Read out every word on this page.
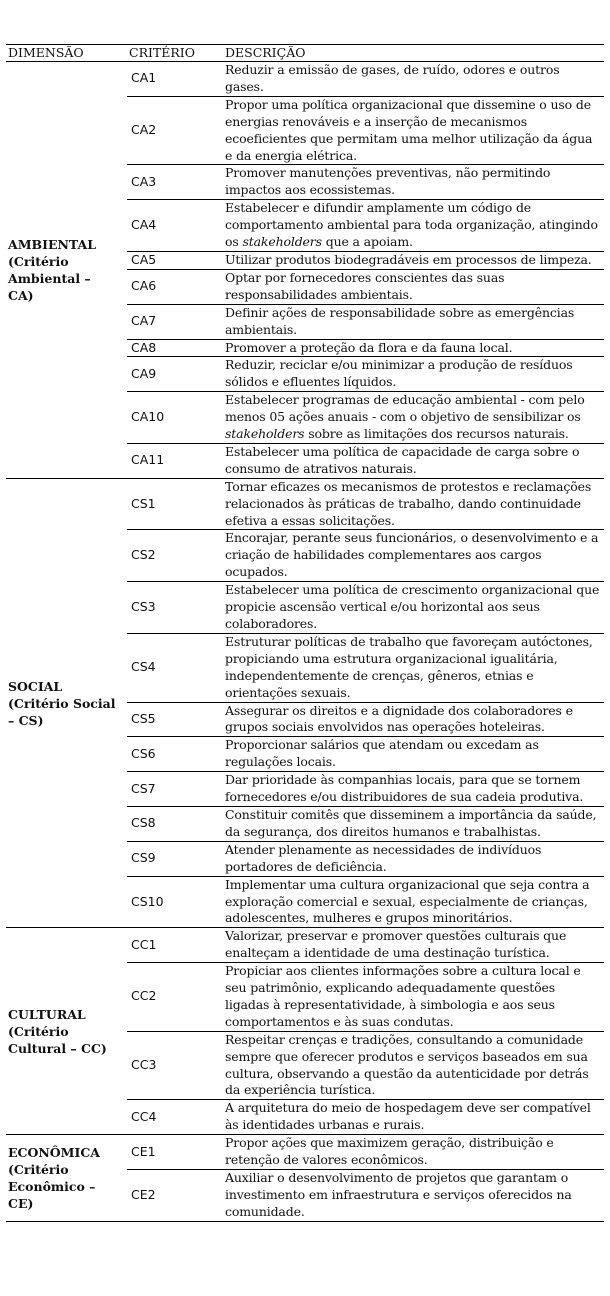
DIMENSÃO	CRITÉRIO	DESCRIÇÃO

AMBIENTAL
(Critério
Ambiental –
CA)	CA1	Reduzir a emissão de gases, de ruído, odores e outros gases.
	CA2	Propor uma política organizacional que dissemine o uso de energias renováveis e a inserção de mecanismos ecoeficientes que permitam uma melhor utilização da água e da energia elétrica.
	CA3	Promover manutenções preventivas, não permitindo impactos aos ecossistemas.
	CA4	Estabelecer e difundir amplamente um código de comportamento ambiental para toda organização, atingindo os stakeholders que a apoiam.
	CA5	Utilizar produtos biodegradáveis em processos de limpeza.
	CA6	Optar por fornecedores conscientes das suas responsabilidades ambientais.
	CA7	Definir ações de responsabilidade sobre as emergências ambientais.
	CA8	Promover a proteção da flora e da fauna local.
	CA9	Reduzir, reciclar e/ou minimizar a produção de resíduos sólidos e efluentes líquidos.
	CA10	Estabelecer programas de educação ambiental - com pelo menos 05 ações anuais - com o objetivo de sensibilizar os stakeholders sobre as limitações dos recursos naturais.
	CA11	Estabelecer uma política de capacidade de carga sobre o consumo de atrativos naturais.

SOCIAL
(Critério Social
– CS)	CS1	Tornar eficazes os mecanismos de protestos e reclamações relacionados às práticas de trabalho, dando continuidade efetiva a essas solicitações.
	CS2	Encorajar, perante seus funcionários, o desenvolvimento e a criação de habilidades complementares aos cargos ocupados.
	CS3	Estabelecer uma política de crescimento organizacional que propicie ascensão vertical e/ou horizontal aos seus colaboradores.
	CS4	Estruturar políticas de trabalho que favoreçam autóctones, propiciando uma estrutura organizacional igualitária, independentemente de crenças, gêneros, etnias e orientações sexuais.
	CS5	Assegurar os direitos e a dignidade dos colaboradores e grupos sociais envolvidos nas operações hoteleiras.
	CS6	Proporcionar salários que atendam ou excedam as regulações locais.
	CS7	Dar prioridade às companhias locais, para que se tornem fornecedores e/ou distribuidores de sua cadeia produtiva.
	CS8	Constituir comitês que disseminem a importância da saúde, da segurança, dos direitos humanos e trabalhistas.
	CS9	Atender plenamente as necessidades de indivíduos portadores de deficiência.
	CS10	Implementar uma cultura organizacional que seja contra a exploração comercial e sexual, especialmente de crianças, adolescentes, mulheres e grupos minoritários.

CULTURAL
(Critério
Cultural – CC)	CC1	Valorizar, preservar e promover questões culturais que enalteçam a identidade de uma destinação turística.
	CC2	Propiciar aos clientes informações sobre a cultura local e seu patrimônio, explicando adequadamente questões ligadas à representatividade, à simbologia e aos seus comportamentos e às suas condutas.
	CC3	Respeitar crenças e tradições, consultando a comunidade sempre que oferecer produtos e serviços baseados em sua cultura, observando a questão da autenticidade por detrás da experiência turística.
	CC4	A arquitetura do meio de hospedagem deve ser compatível às identidades urbanas e rurais.

ECONÔMICA
(Critério
Econômico –
CE)	CE1	Propor ações que maximizem geração, distribuição e retenção de valores econômicos.
	CE2	Auxiliar o desenvolvimento de projetos que garantam o investimento em infraestrutura e serviços oferecidos na comunidade.
